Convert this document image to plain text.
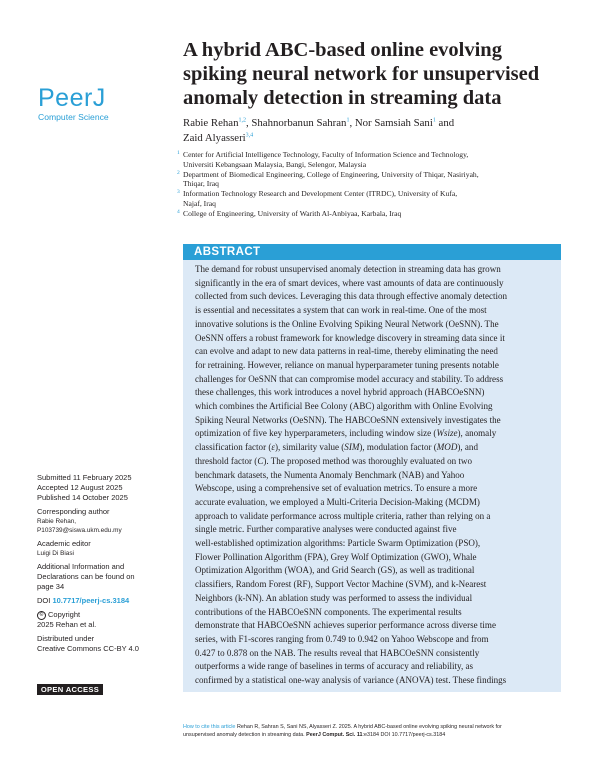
PeerJ
Computer Science
A hybrid ABC-based online evolving spiking neural network for unsupervised anomaly detection in streaming data
Rabie Rehan$^{1,2}$, Shahnorbanun Sahran$^1$, Nor Samsiah Sani$^1$ and
Zaid Alyasseri$^{3,4}$
1 Center for Artificial Intelligence Technology, Faculty of Information Science and Technology,
Universiti Kebangsaan Malaysia, Bangi, Selengor, Malaysia
2 Department of Biomedical Engineering, College of Engineering, University of Thiqar, Nasiriyah,
Thiqar, Iraq
3 Information Technology Research and Development Center (ITRDC), University of Kufa,
Najaf, Iraq
4 College of Engineering, University of Warith Al-Anbiyaa, Karbala, Iraq
ABSTRACT
The demand for robust unsupervised anomaly detection in streaming data has grown
significantly in the era of smart devices, where vast amounts of data are continuously
collected from such devices. Leveraging this data through effective anomaly detection
is essential and necessitates a system that can work in real-time. One of the most
innovative solutions is the Online Evolving Spiking Neural Network (OeSNN). The
OeSNN offers a robust framework for knowledge discovery in streaming data since it
can evolve and adapt to new data patterns in real-time, thereby eliminating the need
for retraining. However, reliance on manual hyperparameter tuning presents notable
challenges for OeSNN that can compromise model accuracy and stability. To address
these challenges, this work introduces a novel hybrid approach (HABCOeSNN)
which combines the Artificial Bee Colony (ABC) algorithm with Online Evolving
Spiking Neural Networks (OeSNN). The HABCOeSNN extensively investigates the
optimization of five key hyperparameters, including window size (Wsize), anomaly
classification factor (ε), similarity value (SIM), modulation factor (MOD), and
threshold factor (C). The proposed method was thoroughly evaluated on two
benchmark datasets, the Numenta Anomaly Benchmark (NAB) and Yahoo
Webscope, using a comprehensive set of evaluation metrics. To ensure a more
accurate evaluation, we employed a Multi-Criteria Decision-Making (MCDM)
approach to validate performance across multiple criteria, rather than relying on a
single metric. Further comparative analyses were conducted against five
well-established optimization algorithms: Particle Swarm Optimization (PSO),
Flower Pollination Algorithm (FPA), Grey Wolf Optimization (GWO), Whale
Optimization Algorithm (WOA), and Grid Search (GS), as well as traditional
classifiers, Random Forest (RF), Support Vector Machine (SVM), and k-Nearest
Neighbors (k-NN). An ablation study was performed to assess the individual
contributions of the HABCOeSNN components. The experimental results
demonstrate that HABCOeSNN achieves superior performance across diverse time
series, with F1-scores ranging from 0.749 to 0.942 on Yahoo Webscope and from
0.427 to 0.878 on the NAB. The results reveal that HABCOeSNN consistently
outperforms a wide range of baselines in terms of accuracy and reliability, as
confirmed by a statistical one-way analysis of variance (ANOVA) test. These findings
Submitted 11 February 2025
Accepted 12 August 2025
Published 14 October 2025
Corresponding author
Rabie Rehan,
P103739@siswa.ukm.edu.my
Academic editor
Luigi Di Biasi
Additional Information and
Declarations can be found on
page 34
DOI 10.7717/peerj-cs.3184
© Copyright
2025 Rehan et al.
Distributed under
Creative Commons CC-BY 4.0
OPEN ACCESS
How to cite this article Rehan R, Sahran S, Sani NS, Alyasseri Z. 2025. A hybrid ABC-based online evolving spiking neural network for
unsupervised anomaly detection in streaming data. PeerJ Comput. Sci. 11:e3184 DOI 10.7717/peerj-cs.3184
